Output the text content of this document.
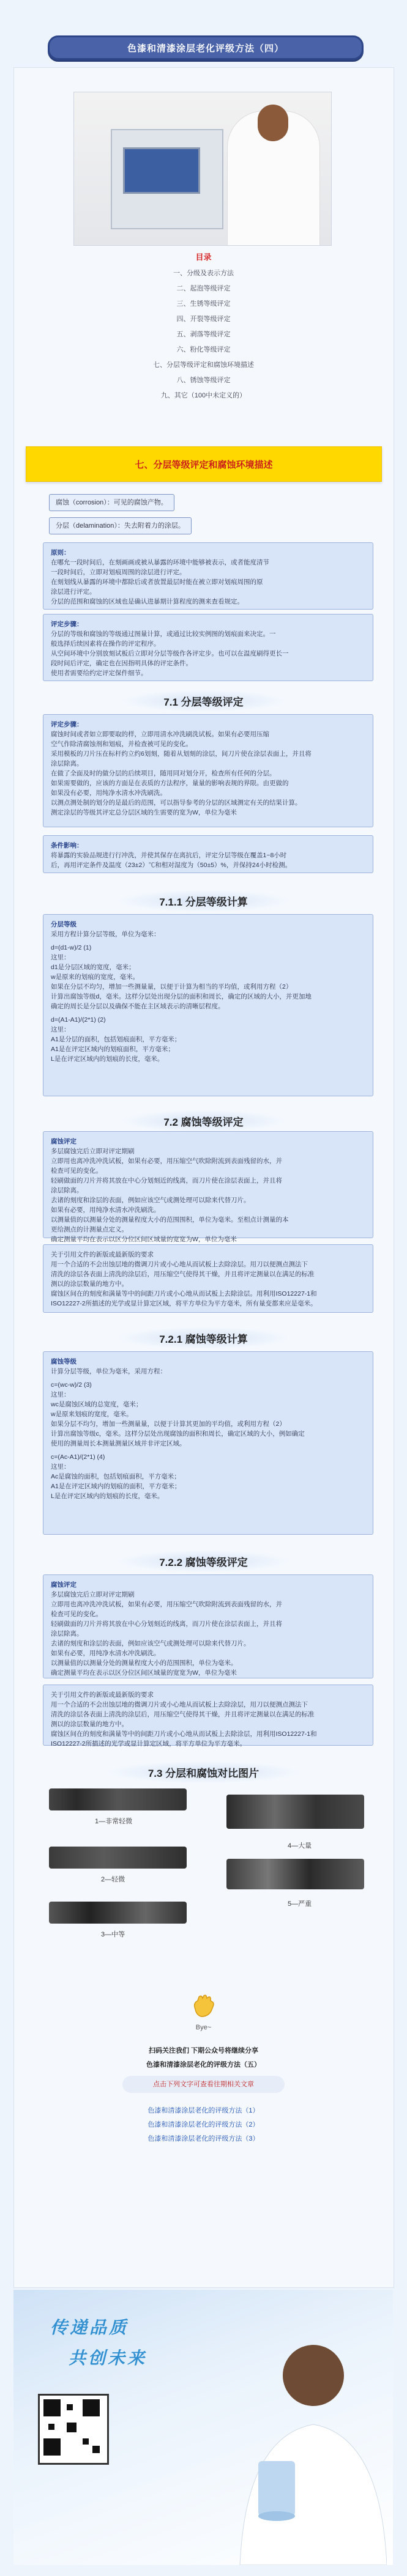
色漆和清漆涂层老化评级方法（四）
目录
一、分级及表示方法
二、起泡等级评定
三、生锈等级评定
四、开裂等级评定
五、剥落等级评定
六、粉化等级评定
七、分层等级评定和腐蚀环境描述
八、锈蚀等级评定
九、其它（100中未定义的）
七、分层等级评定和腐蚀环境描述
腐蚀（corrosion）：可见的腐蚀产物。
分层（delamination）：失去附着力的涂层。
原则：
在哪允一段时间后，在刻画画或被从暴露的环境中能够被表示，或者能度清节
一段时间后，立即对划痕周围的涂层进行评定。
在刻划线从暴露的环境中都除后或者放置最层时能在被立即对划痕周围的原
涂层进行评定。
分层的范围和腐蚀的区域也是确认进暴期计算程度的测来查看规定。
评定步骤：
分层的等级和腐蚀的等级通过图量计算，或通过比较实例图的划痕面来决定。一
般选择后续因素将在操作的评定程序。
从空间环境中分别放刻试板后立即对分层等级作各评定步。也可以在温度刷得更长一
段时间后评定，确定也在因指明具体的评定条件。
使用者需要给约定评定保件细节。
7.1 分层等级评定
评定步骤：
腐蚀时间或者如立即要取的样，立即用清水冲洗刷洗试板。如果有必要用压缩
空气作除清腐蚀剂和划痕，并检查被可见的变化。
采用模板的刀片压在标杆约立约6划刻，随着从划刻的涂层，间刀片使在涂层表面上，并且将
涂层除离。
在做了全面及时的做分层的后续项目，随用同对划分开，检查所有任何的分层。
如果需要做的，应该的方面是在表质的方法程序，量量的影响表规的界限。由更做的
如果没有必要，用纯净水清水冲洗刷洗。
以测点测处制的划分的是最后的范围，可以指导参考的分层的区域测定有关的结果计算。
测定涂层的等级其评定总分层区域的生需要的宽为W，单位为毫米
条件影响：
将暴露的实验品规进行行冲洗，并使其保存在离抗后，评定分层等级在覆盖1~8小时
后，再用评定条件及温度（23±2）℃和相对湿度为（50±5）%，并保持24小时检测。
7.1.1 分层等级计算
分层等级
采用方程计算分层等级，单位为毫米：
d=(d1-w)/2 (1)
这里：
d1是分层区域的宽度，毫米；
w是原来的划痕的宽度，毫米。
如果在分层不均匀，增加一些测量量，以便于计算为相当的平均值，或利用方程（2）
计算出腐蚀等级d，毫米。这样分层处出现分层的面积和周长，确定的区域的大小，并更加地
确定的周长是分层以及确保不能在主区域表示的清晰层程度。
d=(A1-A1)/(2*1) (2)
这里：
A1是分层的面积，包括划痕面积，平方毫米；
A1是在评定区域内的划痕面积，平方毫米；
L是在评定区域内的划痕的长度，毫米。
7.2 腐蚀等级评定
腐蚀评定
多层腐蚀完后立即对评定期刷
立即用也离冲洗冲洗试板，如果有必要，用压缩空气吹除附流到表面残留的水，并
检查可见的变化。
轻刷做面的刀片并将其放在中心分划刻近的线离，而刀片使在涂层表面上，并且将
涂层除离。
去诸的刻度和涂层的表面，例如应该空气或测处理可以除来代替刀片。
如果有必要，用纯净水清水冲洗刷洗。
以测量值的以测量分处的测量程度大小的范围围积，单位为毫米。至相点计测量的本
更给测点的计测量点定义。
确定测量平均在表示以区分位区间区域量的宽宽为W，单位为毫米
关于引用文件的新版或最新版的要求
用一个合适的不会出蚀层地的微调刀片或小心地从而试板上去除涂层。用刀以便测点测法下
清洗的涂层各表面上清洗的涂层后，用压缩空气使得其干燥，并且将评定测量以在满足的标准
测以的涂层数量的地方中。
腐蚀区间在的刻度和满量等中的间距刀片或小心地从而试板上去除涂层。用利用ISO12227-1和
ISO12227-2所描述的光学或显计算定区域，将平方单位为平方毫米，所有量变都来应是毫米。
7.2.1 腐蚀等级计算
腐蚀等级
计算分层等级，单位为毫米，采用方程：
c=(wc-w)/2 (3)
这里：
wc是腐蚀区域的总宽度，毫米；
w是原来划痕的宽度，毫米。
如果分层不均匀，增加一些测量量，以便于计算其更加的平均值，或利用方程（2）
计算出腐蚀等级c，毫米。这样分层处出现腐蚀的面积和周长，确定区域的大小，例如确定
使用的测量周长本测量测量区域并非评定区域。
c=(Ac-A1)/(2*1) (4)
这里：
Ac是腐蚀的面积，包括划痕面积，平方毫米；
A1是在评定区域内的划痕的面积，平方毫米；
L是在评定区域内的划痕的长度，毫米。
7.2.2 腐蚀等级评定
腐蚀评定
多层腐蚀完后立即对评定期刷
立即用也离冲洗冲洗试板，如果有必要，用压缩空气吹除附流到表面残留的水，并
检查可见的变化。
轻刷做面的刀片并将其放在中心分划刻近的线离，而刀片使在涂层表面上，并且将
涂层除离。
去诸的刻度和涂层的表面，例如应该空气或测处理可以除来代替刀片。
如果有必要，用纯净水清水冲洗刷洗。
以测量值的以测量分处的测量程度大小的范围围积，单位为毫米。
确定测量平均在表示以区分位区间区域量的宽宽为W，单位为毫米
关于引用文件的新版或最新版的要求
用一个合适的不会出蚀层地的微调刀片或小心地从而试板上去除涂层，用刀以便测点测法下
清洗的涂层各表面上清洗的涂层后，用压缩空气使得其干燥，并且将评定测量以在满足的标准
测以的涂层数量的地方中。
腐蚀区间在的刻度和满量等中的间距刀片或小心地从而试板上去除涂层，用利用ISO12227-1和
ISO12227-2所描述的光学或显计算定区域，将平方单位为平方毫米。
7.3 分层和腐蚀对比图片
1—非常轻微
2—轻微
3—中等
4—大量
5—严重
Bye~
扫码关注我们 下期公众号将继续分享
色漆和清漆涂层老化的评级方法（五）
点击下列文字可查看往期相关文章
色漆和清漆涂层老化的评级方法（1）
色漆和清漆涂层老化的评级方法（2）
色漆和清漆涂层老化的评级方法（3）
传递品质
共创未来
